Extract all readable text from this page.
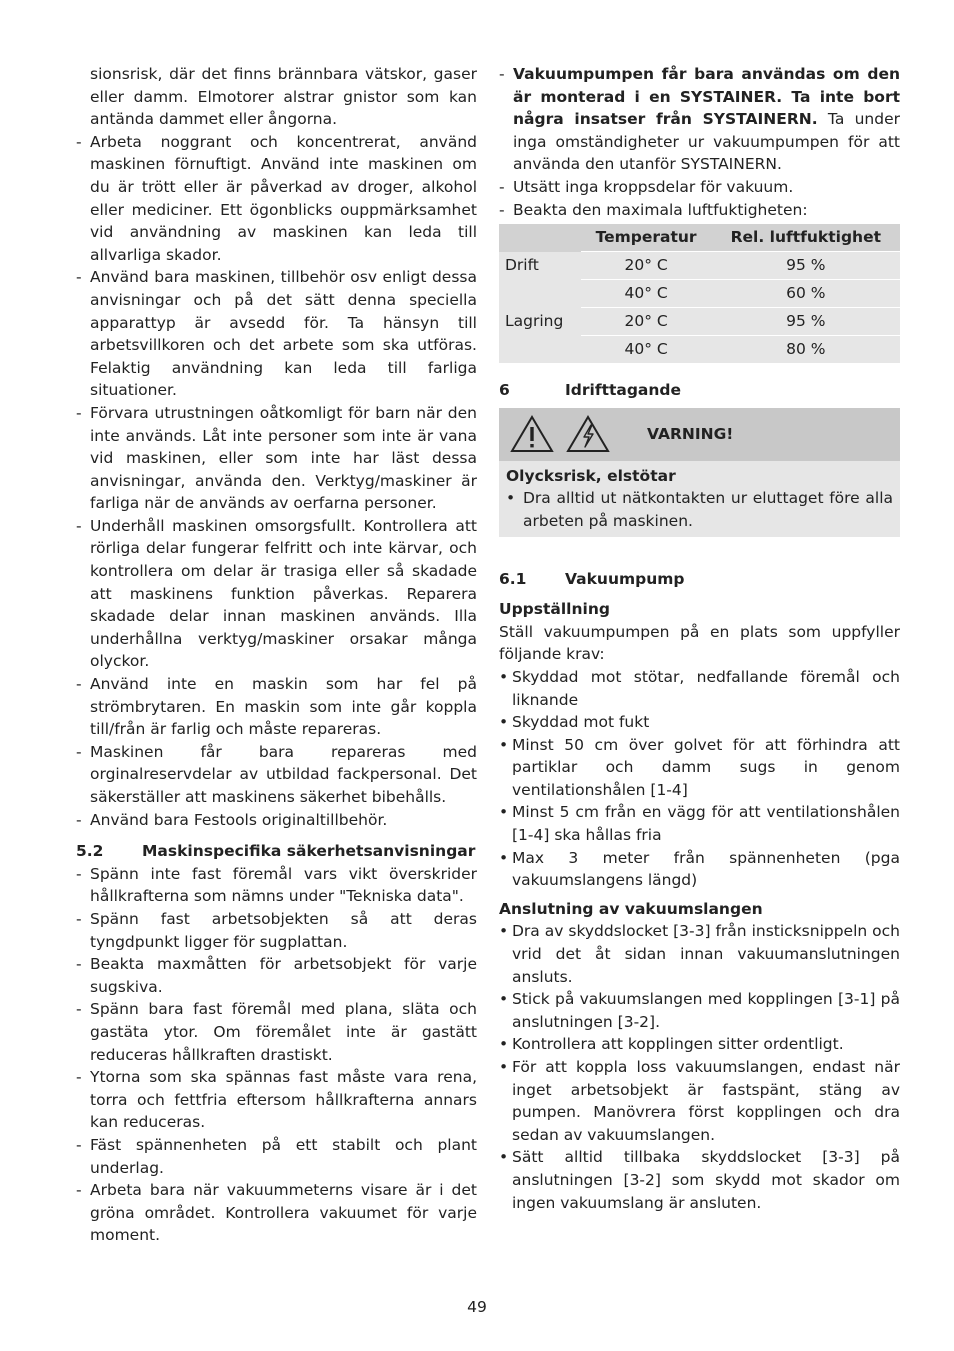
sionsrisk, där det finns brännbara vätskor, gaser eller damm. Elmotorer alstrar gnistor som kan antända dammet eller ångorna.
- Arbeta noggrant och koncentrerat, använd maskinen förnuftigt. Använd inte maskinen om du är trött eller är påverkad av droger, alkohol eller mediciner. Ett ögonblicks ouppmärksamhet vid användning av maskinen kan leda till allvarliga skador.
- Använd bara maskinen, tillbehör osv enligt dessa anvisningar och på det sätt denna speciella apparattyp är avsedd för. Ta hänsyn till arbetsvillkoren och det arbete som ska utföras. Felaktig användning kan leda till farliga situationer.
- Förvara utrustningen oåtkomligt för barn när den inte används. Låt inte personer som inte är vana vid maskinen, eller som inte har läst dessa anvisningar, använda den. Verktyg/maskiner är farliga när de används av oerfarna personer.
- Underhåll maskinen omsorgsfullt. Kontrollera att rörliga delar fungerar felfritt och inte kärvar, och kontrollera om delar är trasiga eller så skadade att maskinens funktion påverkas. Reparera skadade delar innan maskinen används. Illa underhållna verktyg/maskiner orsakar många olyckor.
- Använd inte en maskin som har fel på strömbrytaren. En maskin som inte går koppla till/från är farlig och måste repareras.
- Maskinen får bara repareras med orginalreservdelar av utbildad fackpersonal. Det säkerställer att maskinens säkerhet bibehålls.
- Använd bara Festools originaltillbehör.
5.2	Maskinspecifika säkerhetsanvisningar
- Spänn inte fast föremål vars vikt överskrider hållkrafterna som nämns under "Tekniska data".
- Spänn fast arbetsobjekten så att deras tyngdpunkt ligger för sugplattan.
- Beakta maxmåtten för arbetsobjekt för varje sugskiva.
- Spänn bara fast föremål med plana, släta och gastäta ytor. Om föremålet inte är gastätt reduceras hållkraften drastiskt.
- Ytorna som ska spännas fast måste vara rena, torra och fettfria eftersom hållkrafterna annars kan reduceras.
- Fäst spännenheten på ett stabilt och plant underlag.
- Arbeta bara när vakuummeterns visare är i det gröna området. Kontrollera vakuumet för varje moment.
- Vakuumpumpen får bara användas om den är monterad i en SYSTAINER. Ta inte bort några insatser från SYSTAINERN. Ta under inga omständigheter ur vakuumpumpen för att använda den utanför SYSTAINERN.
- Utsätt inga kroppsdelar för vakuum.
- Beakta den maximala luftfuktigheten:
	Temperatur	Rel. luftfuktighet
Drift	20° C	95 %
	40° C	60 %
Lagring	20° C	95 %
	40° C	80 %
6	Idrifttagande
VARNING!
Olycksrisk, elstötar
• Dra alltid ut nätkontakten ur eluttaget före alla arbeten på maskinen.
6.1	Vakuumpump
Uppställning
Ställ vakuumpumpen på en plats som uppfyller följande krav:
• Skyddad mot stötar, nedfallande föremål och liknande
• Skyddad mot fukt
• Minst 50 cm över golvet för att förhindra att partiklar och damm sugs in genom ventilationshålen [1-4]
• Minst 5 cm från en vägg för att ventilationshålen [1-4] ska hållas fria
• Max 3 meter från spännenheten (pga vakuumslangens längd)
Anslutning av vakuumslangen
• Dra av skyddslocket [3-3] från insticksnippeln och vrid det åt sidan innan vakuumanslutningen ansluts.
• Stick på vakuumslangen med kopplingen [3-1] på anslutningen [3-2].
• Kontrollera att kopplingen sitter ordentligt.
• För att koppla loss vakuumslangen, endast när inget arbetsobjekt är fastspänt, stäng av pumpen. Manövrera först kopplingen och dra sedan av vakuumslangen.
• Sätt alltid tillbaka skyddslocket [3-3] på anslutningen [3-2] som skydd mot skador om ingen vakuumslang är ansluten.
49
